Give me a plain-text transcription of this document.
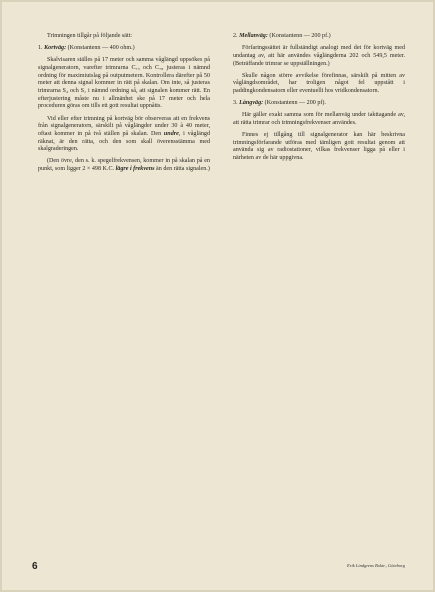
Trimningen tillgår på följande sätt:

1. Kortväg: (Konstantenn — 400 ohm.)

Skalvisaren ställes på 17 meter och samma våglängd uppsökes på signalgeneratorn, varefter trimrarna C₇₃ och C₇₈ justeras i nämnd ordning för maximiutslag på outputmetern. Kontrollera därefter på 50 meter att denna signal kommer in rätt på skalan. Om inte, så justeras trimrarna S₄ och S₁ i nämnd ordning så, att signalen kommer rätt. En efterjustering måste nu i allmänhet ske på 17 meter och hela proceduren göras om tills ett gott resultat uppnåtts.

Vid eller efter trimning på kortväg bör observeras att en frekvens från signalgeneratorn, särskilt på våglängder under 30 à 40 meter, oftast kommer in på två ställen på skalan. Den undre, i våglängd räknat, är den rätta, och den som skall överensstämma med skalgraderingen.

(Den övre, den s. k. spegelfrekvensen, kommer in på skalan på en punkt, som ligger 2 × 498 K.C. lägre i frekvens än den rätta signalen.)

2. Mellanväg: (Konstantenn — 200 pf.)

Förfaringssättet är fullständigt analogt med det för kortväg med undantag av, att här användes våglängderna 202 och 549,5 meter. (Beträffande trimrar se uppställningen.)

Skulle någon större avvikelse förefinnas, särskilt på mitten av våglängdsområdet, har troligen något fel uppstått i paddingkondensatorn eller eventuellt hos vridkondensatorn.

3. Långväg: (Konstantenn — 200 pf).

Här gäller exakt samma som för mellanväg under iakttagande av, att rätta trimrar och trimningsfrekvenser användes.

Finnes ej tillgång till signalgenerator kan här beskrivna trimningsförfarande utföras med tämligen gott resultat genom att använda sig av radiostationer, vilkas frekvenser ligga på eller i närheten av de här uppgivna.

6	Erik Lindgrens Boktr., Göteborg
